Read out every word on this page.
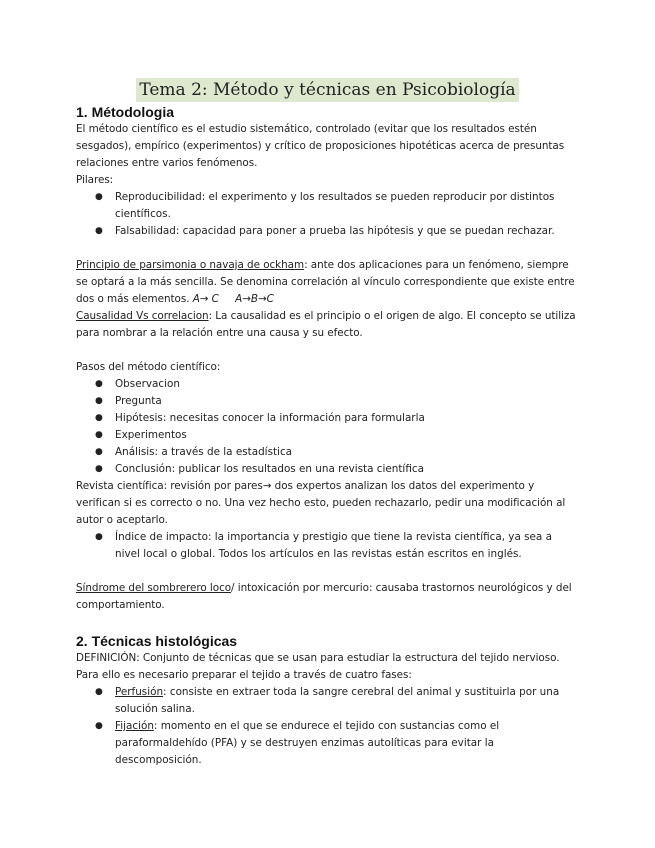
Tema 2: Método y técnicas en Psicobiología
1. Métodologia

El método científico es el estudio sistemático, controlado (evitar que los resultados estén sesgados), empírico (experimentos) y crítico de proposiciones hipotéticas acerca de presuntas relaciones entre varios fenómenos.

Pilares:

● Reproducibilidad: el experimento y los resultados se pueden reproducir por distintos científicos.
● Falsabilidad: capacidad para poner a prueba las hipótesis y que se puedan rechazar.

Principio de parsimonia o navaja de ockham: ante dos aplicaciones para un fenómeno, siempre se optará a la más sencilla. Se denomina correlación al vínculo correspondiente que existe entre dos o más elementos. A→ C     A→B→C

Causalidad Vs correlacion: La causalidad es el principio o el origen de algo. El concepto se utiliza para nombrar a la relación entre una causa y su efecto.

Pasos del método científico:

● Observacion
● Pregunta
● Hipótesis: necesitas conocer la información para formularla
● Experimentos
● Análisis: a través de la estadística
● Conclusión: publicar los resultados en una revista científica

Revista científica: revisión por pares→ dos expertos analizan los datos del experimento y verifican si es correcto o no. Una vez hecho esto, pueden rechazarlo, pedir una modificación al autor o aceptarlo.

● Índice de impacto: la importancia y prestigio que tiene la revista científica, ya sea a nivel local o global. Todos los artículos en las revistas están escritos en inglés.

Síndrome del sombrerero loco/ intoxicación por mercurio: causaba trastornos neurológicos y del comportamiento.

2. Técnicas histológicas

DEFINICIÓN: Conjunto de técnicas que se usan para estudiar la estructura del tejido nervioso.

Para ello es necesario preparar el tejido a través de cuatro fases:

● Perfusión: consiste en extraer toda la sangre cerebral del animal y sustituirla por una solución salina.
● Fijación: momento en el que se endurece el tejido con sustancias como el paraformaldehído (PFA) y se destruyen enzimas autolíticas para evitar la descomposición.
